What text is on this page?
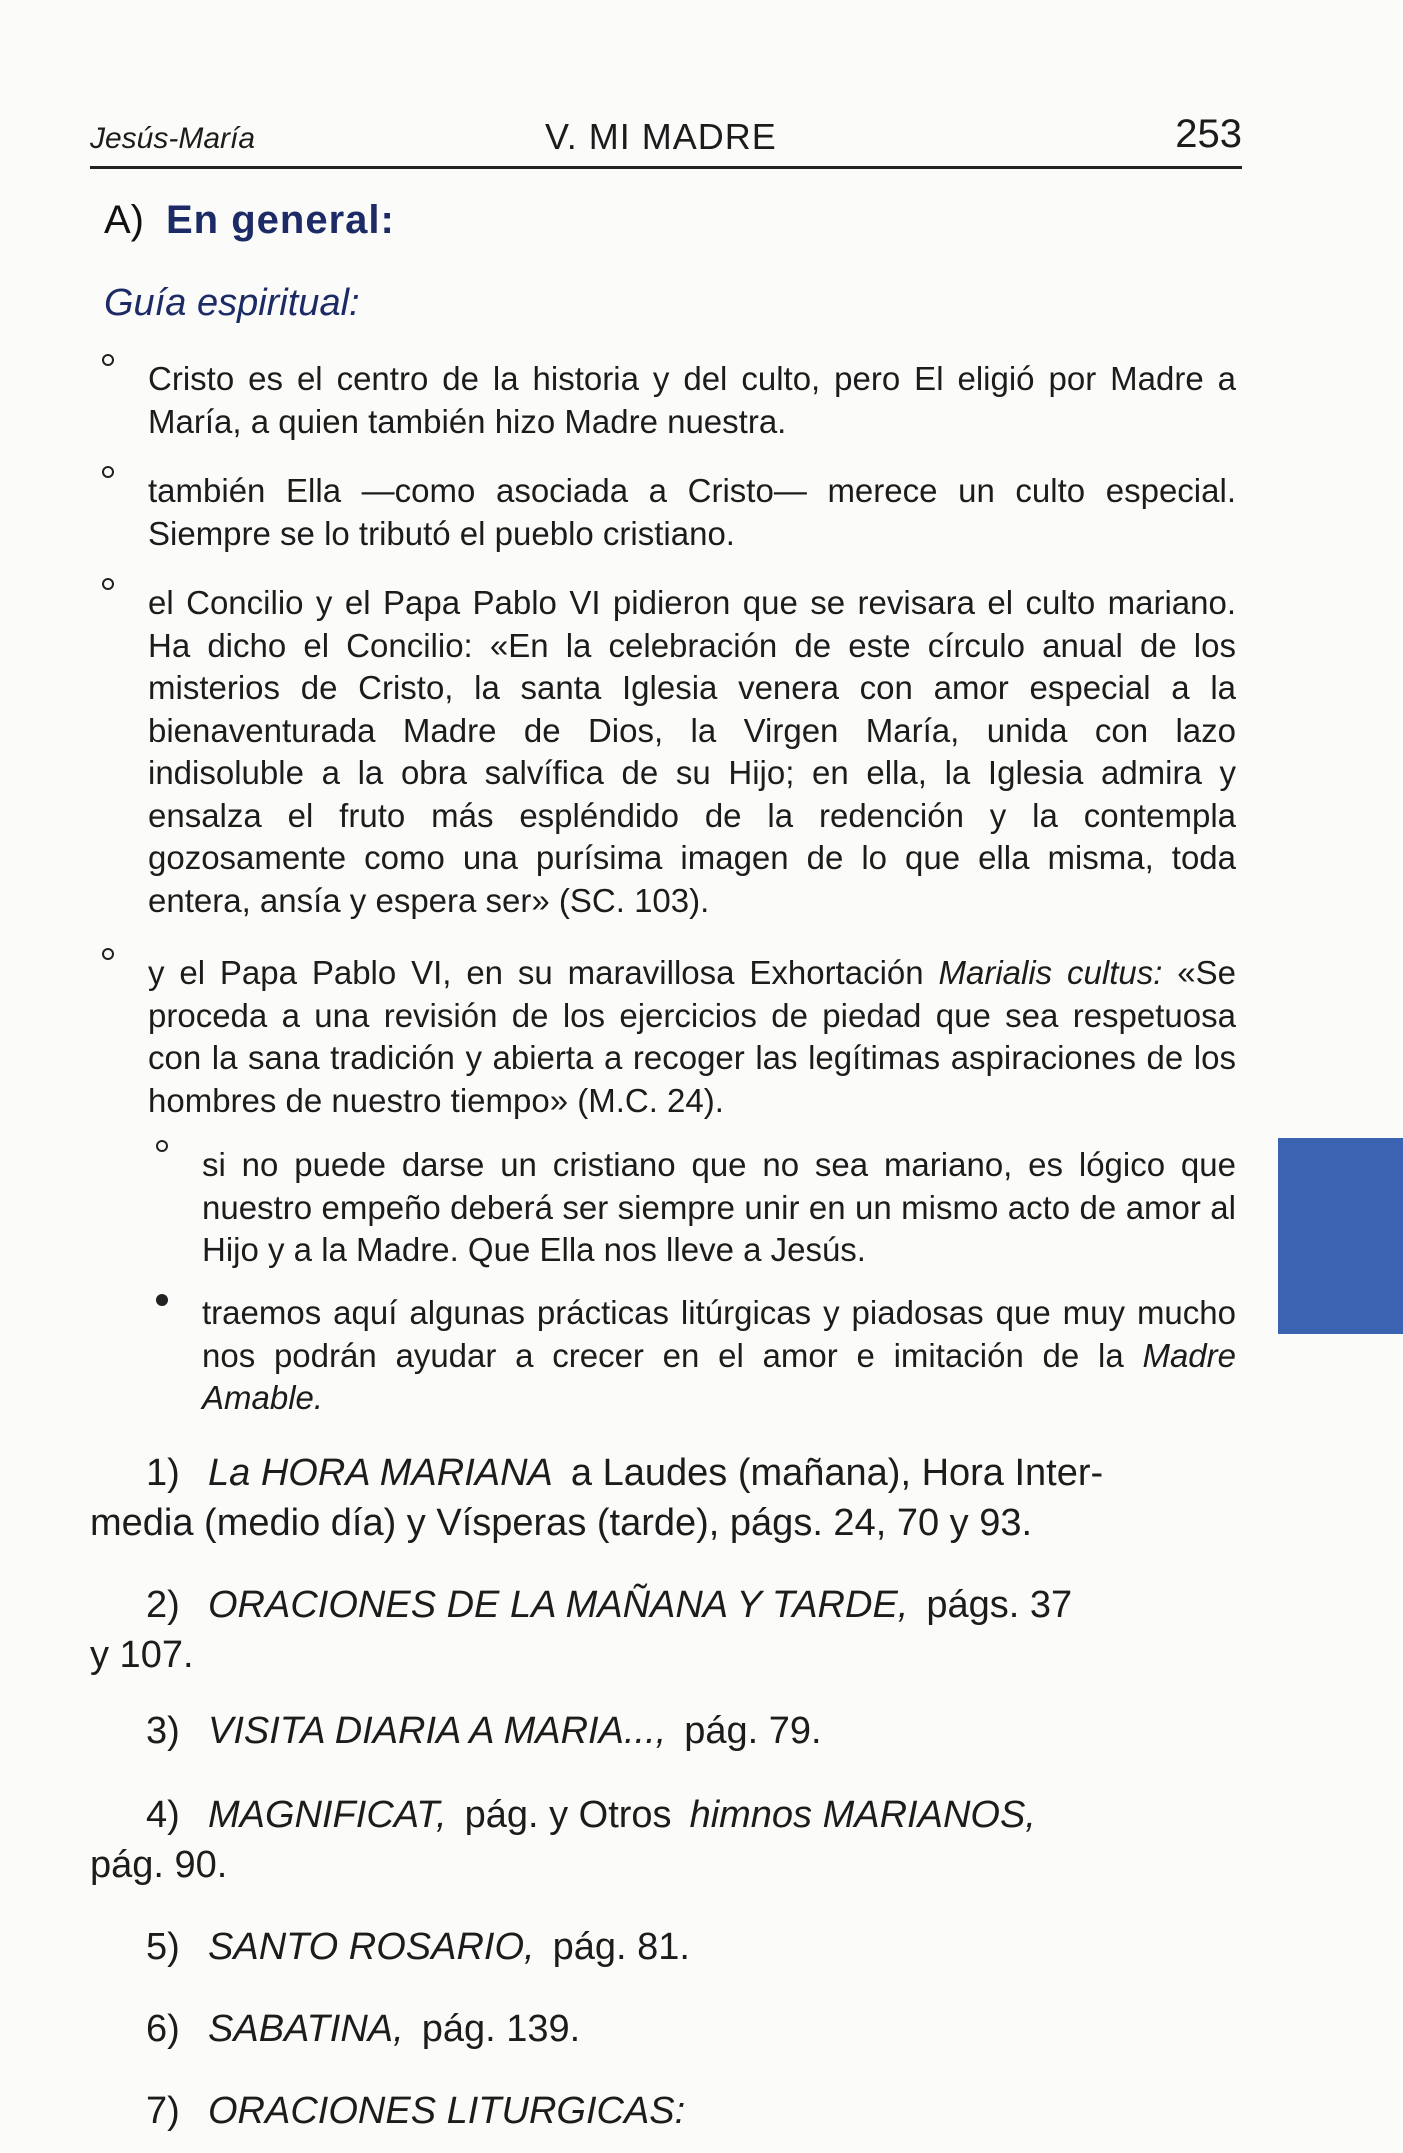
Jesús-María	V. MI MADRE	253
A) En general:
Guía espiritual:
Cristo es el centro de la historia y del culto, pero El eligió por Madre a María, a quien también hizo Madre nuestra.
también Ella —como asociada a Cristo— merece un culto especial. Siempre se lo tributó el pueblo cristiano.
el Concilio y el Papa Pablo VI pidieron que se revisara el culto mariano. Ha dicho el Concilio: «En la celebración de este círculo anual de los misterios de Cristo, la santa Iglesia venera con amor especial a la bienaventurada Madre de Dios, la Virgen María, unida con lazo indisoluble a la obra salvífica de su Hijo; en ella, la Iglesia admira y ensalza el fruto más espléndido de la redención y la contempla gozosamente como una purísima imagen de lo que ella misma, toda entera, ansía y espera ser» (SC. 103).
y el Papa Pablo VI, en su maravillosa Exhortación Marialis cultus: «Se proceda a una revisión de los ejercicios de piedad que sea respetuosa con la sana tradición y abierta a recoger las legítimas aspiraciones de los hombres de nuestro tiempo» (M.C. 24).
si no puede darse un cristiano que no sea mariano, es lógico que nuestro empeño deberá ser siempre unir en un mismo acto de amor al Hijo y a la Madre. Que Ella nos lleve a Jesús.
traemos aquí algunas prácticas litúrgicas y piadosas que muy mucho nos podrán ayudar a crecer en el amor e imitación de la Madre Amable.
1) La HORA MARIANA a Laudes (mañana), Hora Inter-
media (medio día) y Vísperas (tarde), págs. 24, 70 y 93.
2) ORACIONES DE LA MAÑANA Y TARDE, págs. 37
y 107.
3) VISITA DIARIA A MARIA..., pág. 79.
4) MAGNIFICAT, pág. y Otros himnos MARIANOS,
pág. 90.
5) SANTO ROSARIO, pág. 81.
6) SABATINA, pág. 139.
7) ORACIONES LITURGICAS:
